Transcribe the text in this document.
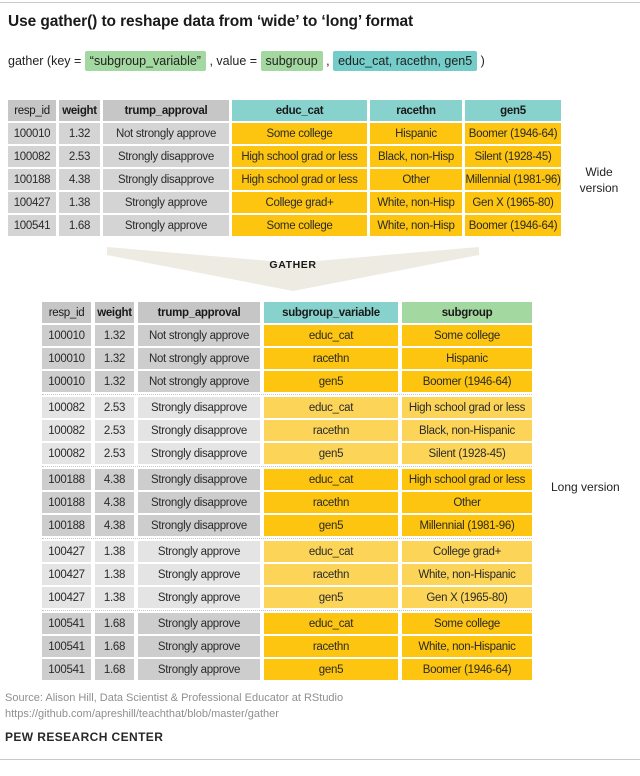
Use gather() to reshape data from ‘wide’ to ‘long’ format
gather (key = “subgroup_variable” , value = subgroup , educ_cat, racethn, gen5 )
resp_id	weight	trump_approval	educ_cat	racethn	gen5
100010	1.32	Not strongly approve	Some college	Hispanic	Boomer (1946-64)
100082	2.53	Strongly disapprove	High school grad or less	Black, non-Hisp	Silent (1928-45)
100188	4.38	Strongly disapprove	High school grad or less	Other	Millennial (1981-96)
100427	1.38	Strongly approve	College grad+	White, non-Hisp	Gen X (1965-80)
100541	1.68	Strongly approve	Some college	White, non-Hisp	Boomer (1946-64)
Wide version
GATHER
resp_id	weight	trump_approval	subgroup_variable	subgroup
100010	1.32	Not strongly approve	educ_cat	Some college
100010	1.32	Not strongly approve	racethn	Hispanic
100010	1.32	Not strongly approve	gen5	Boomer (1946-64)
100082	2.53	Strongly disapprove	educ_cat	High school grad or less
100082	2.53	Strongly disapprove	racethn	Black, non-Hispanic
100082	2.53	Strongly disapprove	gen5	Silent (1928-45)
100188	4.38	Strongly disapprove	educ_cat	High school grad or less
100188	4.38	Strongly disapprove	racethn	Other
100188	4.38	Strongly disapprove	gen5	Millennial (1981-96)
100427	1.38	Strongly approve	educ_cat	College grad+
100427	1.38	Strongly approve	racethn	White, non-Hispanic
100427	1.38	Strongly approve	gen5	Gen X (1965-80)
100541	1.68	Strongly approve	educ_cat	Some college
100541	1.68	Strongly approve	racethn	White, non-Hispanic
100541	1.68	Strongly approve	gen5	Boomer (1946-64)
Long version
Source: Alison Hill, Data Scientist & Professional Educator at RStudio
https://github.com/apreshill/teachthat/blob/master/gather
PEW RESEARCH CENTER
